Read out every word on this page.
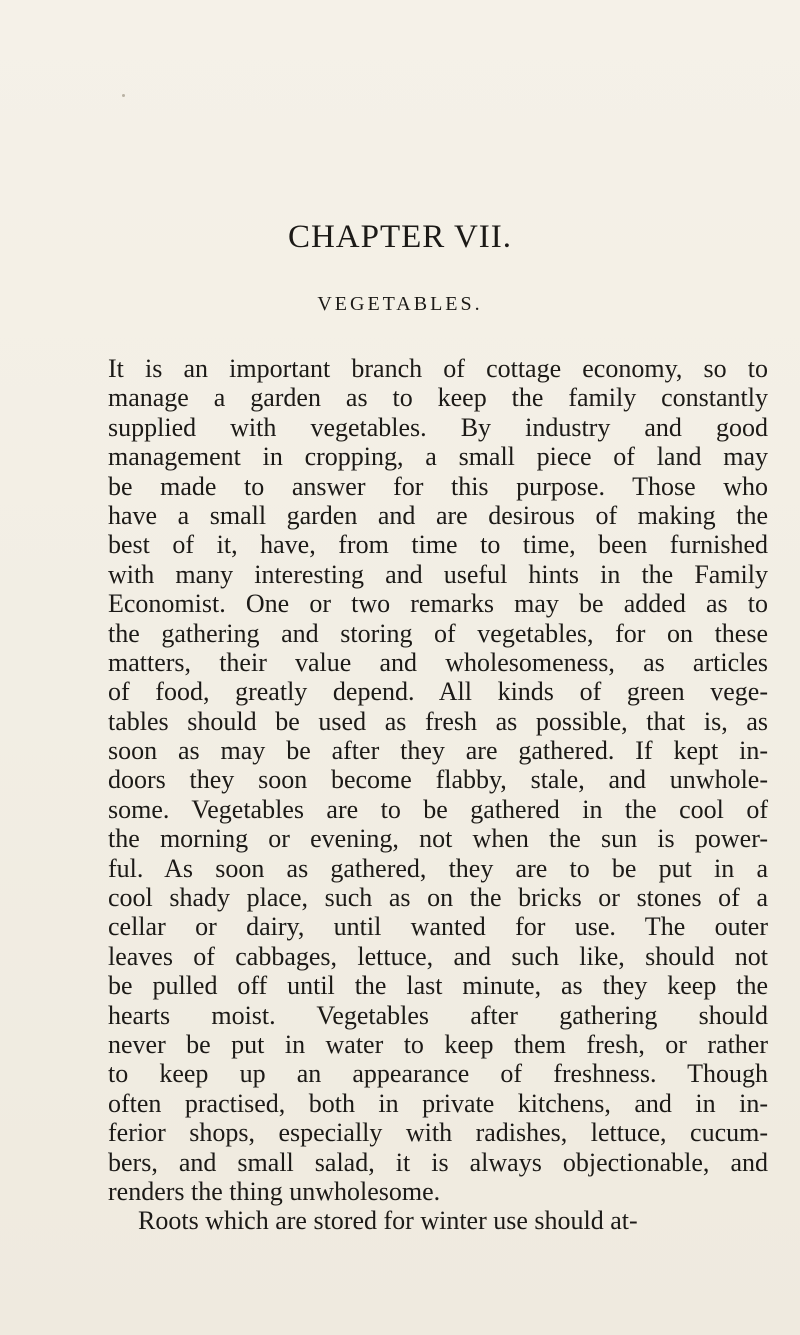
CHAPTER VII.
VEGETABLES.
It is an important branch of cottage economy, so to
manage a garden as to keep the family constantly
supplied with vegetables. By industry and good
management in cropping, a small piece of land may
be made to answer for this purpose. Those who
have a small garden and are desirous of making the
best of it, have, from time to time, been furnished
with many interesting and useful hints in the Family
Economist. One or two remarks may be added as to
the gathering and storing of vegetables, for on these
matters, their value and wholesomeness, as articles
of food, greatly depend. All kinds of green vege-
tables should be used as fresh as possible, that is, as
soon as may be after they are gathered. If kept in-
doors they soon become flabby, stale, and unwhole-
some. Vegetables are to be gathered in the cool of
the morning or evening, not when the sun is power-
ful. As soon as gathered, they are to be put in a
cool shady place, such as on the bricks or stones of a
cellar or dairy, until wanted for use. The outer
leaves of cabbages, lettuce, and such like, should not
be pulled off until the last minute, as they keep the
hearts moist. Vegetables after gathering should
never be put in water to keep them fresh, or rather
to keep up an appearance of freshness. Though
often practised, both in private kitchens, and in in-
ferior shops, especially with radishes, lettuce, cucum-
bers, and small salad, it is always objectionable, and
renders the thing unwholesome.
Roots which are stored for winter use should at-
